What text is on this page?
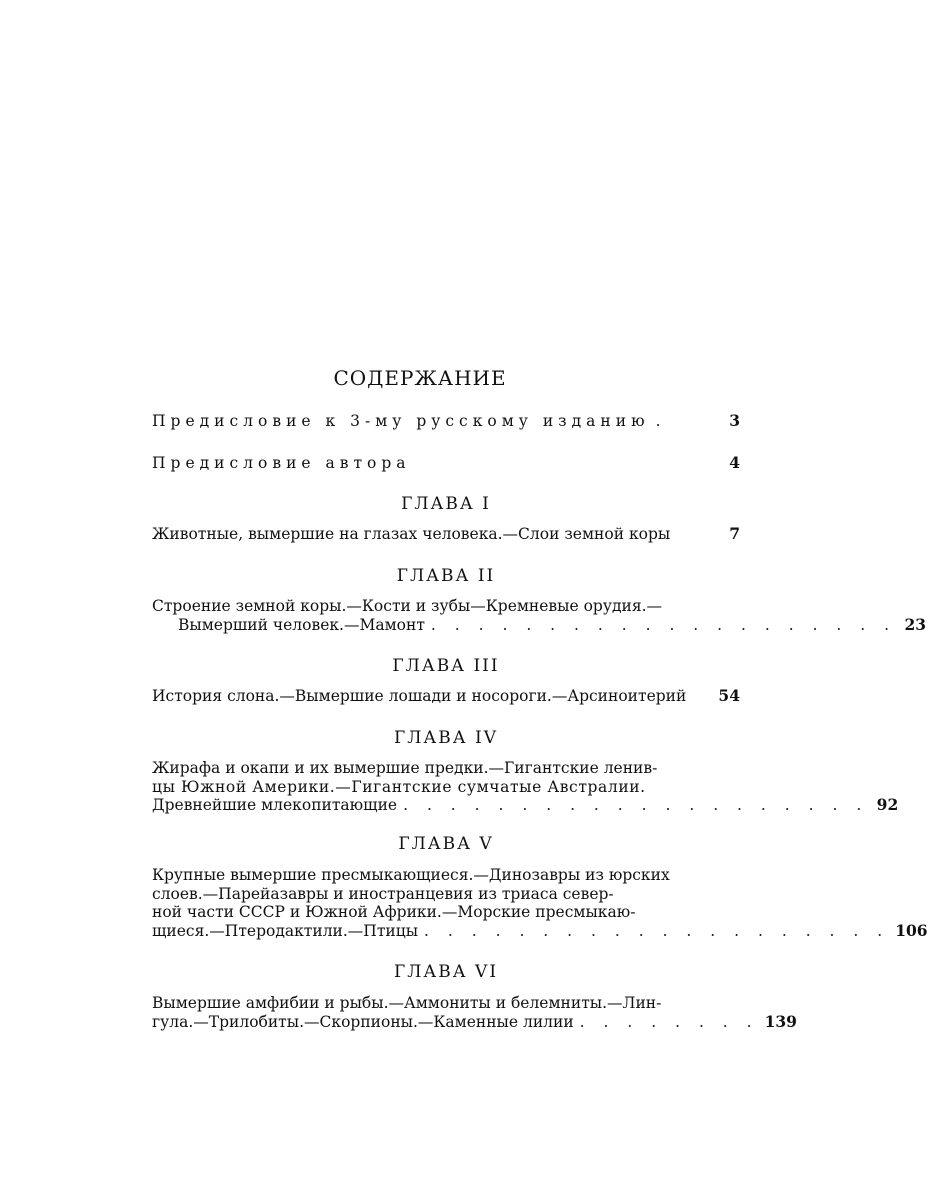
СОДЕРЖАНИЕ
Предисловие к 3-му русскому изданию .	3
Предисловие автора	4
ГЛАВА I
Животные, вымершие на глазах человека.—Слои земной коры	7
ГЛАВА II
Строение земной коры.—Кости и зубы—Кремневые орудия.—
Вымерший человек.—Мамонт . . . . . . . . . . . . . . . . . . . . 23
ГЛАВА III
История слона.—Вымершие лошади и носороги.—Арсиноитерий 54
ГЛАВА IV
Жирафа и окапи и их вымершие предки.—Гигантские ленив-
цы Южной Америки.—Гигантские сумчатые Австралии.
Древнейшие млекопитающие . . . . . . . . . . . . . . . . . . . . 92
ГЛАВА V
Крупные вымершие пресмыкающиеся.—Динозавры из юрских
слоев.—Парейазавры и иностранцевия из триаса север-
ной части СССР и Южной Африки.—Морские пресмыкаю-
щиеся.—Птеродактили.—Птицы . . . . . . . . . . . . . . . . . . . . 106
ГЛАВА VI
Вымершие амфибии и рыбы.—Аммониты и белемниты.—Лин-
гула.—Трилобиты.—Скорпионы.—Каменные лилии . . . . . . . . 139
